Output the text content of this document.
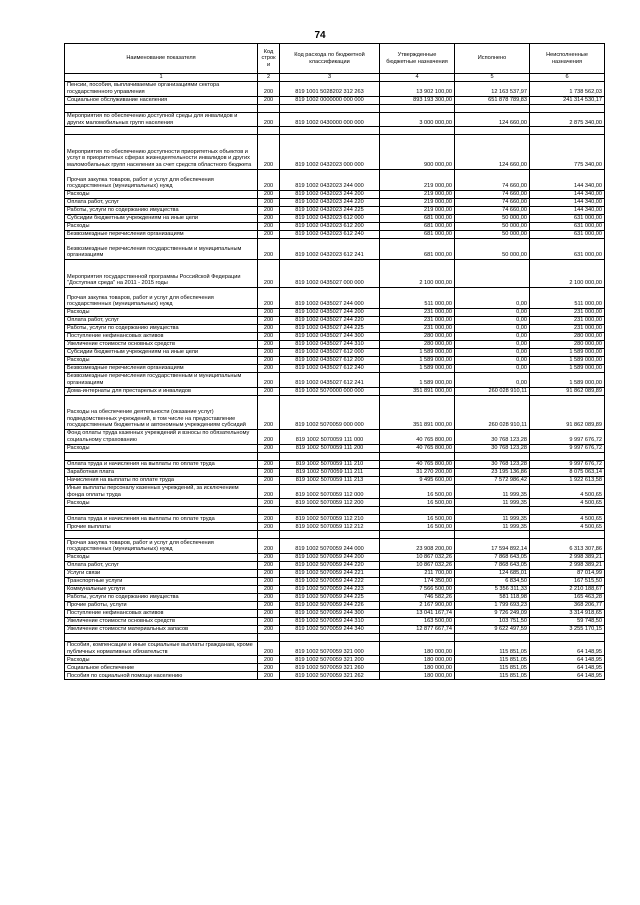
74
Наименование показателя	Код строк и	Код расхода по бюджетной классификации	Утвержденные бюджетные назначения	Исполнено	Неисполненные назначения
1	2	3	4	5	6
Пенсии, пособия, выплачиваемые организациями сектора государственного управления	200	819 1001 5028202 312 263	13 902 100,00	12 163 537,97	1 738 562,03
Социальное обслуживание населения	200	819 1002 0000000 000 000	893 193 300,00	651 878 789,83	241 314 530,17

Мероприятия по обеспечению доступной среды для инвалидов и других маломобильных групп населения	200	819 1002 0430000 000 000	3 000 000,00	124 660,00	2 875 340,00

Мероприятия по обеспечению доступности приоритетных объектов и услуг в приоритетных сферах жизнедеятельности инвалидов и других маломобильных групп населения за счет средств областного бюджета	200	819 1002 0432023 000 000	900 000,00	124 660,00	775 340,00
Прочая закупка товаров, работ и услуг для обеспечения государственных (муниципальных) нужд	200	819 1002 0432023 244 000	219 000,00	74 660,00	144 340,00
Расходы	200	819 1002 0432023 244 200	219 000,00	74 660,00	144 340,00
Оплата работ, услуг	200	819 1002 0432023 244 220	219 000,00	74 660,00	144 340,00
Работы, услуги по содержанию имущества	200	819 1002 0432023 244 225	219 000,00	74 660,00	144 340,00
Субсидии бюджетным учреждениям на иные цели	200	819 1002 0432023 612 000	681 000,00	50 000,00	631 000,00
Расходы	200	819 1002 0432023 612 200	681 000,00	50 000,00	631 000,00
Безвозмездные перечисления организациям	200	819 1002 0432023 612 240	681 000,00	50 000,00	631 000,00
Безвозмездные перечисления государственным и муниципальным организациям	200	819 1002 0432023 612 241	681 000,00	50 000,00	631 000,00
Мероприятия государственной программы Российской Федерации "Доступная среда" на 2011 - 2015 годы	200	819 1002 0435027 000 000	2 100 000,00		2 100 000,00
Прочая закупка товаров, работ и услуг для обеспечения государственных (муниципальных) нужд	200	819 1002 0435027 244 000	511 000,00	0,00	511 000,00
Расходы	200	819 1002 0435027 244 200	231 000,00	0,00	231 000,00
Оплата работ, услуг	200	819 1002 0435027 244 220	231 000,00	0,00	231 000,00
Работы, услуги по содержанию имущества	200	819 1002 0435027 244 225	231 000,00	0,00	231 000,00
Поступление нефинансовых активов	200	819 1002 0435027 244 300	280 000,00	0,00	280 000,00
Увеличение стоимости основных средств	200	819 1002 0435027 244 310	280 000,00	0,00	280 000,00
Субсидии бюджетным учреждениям на иные цели	200	819 1002 0435027 612 000	1 589 000,00	0,00	1 589 000,00
Расходы	200	819 1002 0435027 612 200	1 589 000,00	0,00	1 589 000,00
Безвозмездные перечисления организациям	200	819 1002 0435027 612 240	1 589 000,00	0,00	1 589 000,00
Безвозмездные перечисления государственным и муниципальным организациям	200	819 1002 0435027 612 241	1 589 000,00	0,00	1 589 000,00
Дома-интернаты для престарелых и инвалидов	200	819 1002 5070000 000 000	351 891 000,00	260 028 910,11	91 862 089,89
Расходы на обеспечение деятельности (оказание услуг) подведомственных учреждений, в том числе на предоставление государственным бюджетным и автономным учреждениям субсидий	200	819 1002 5070059 000 000	351 891 000,00	260 028 910,11	91 862 089,89
Фонд оплаты труда казенных учреждений и взносы по обязательному социальному страхованию	200	819 1002 5070059 111 000	40 765 800,00	30 768 123,28	9 997 676,72
Расходы	200	819 1002 5070059 111 200	40 765 800,00	30 768 123,28	9 997 676,72

Оплата труда и начисления на выплаты по оплате труда	200	819 1002 5070059 111 210	40 765 800,00	30 768 123,28	9 997 676,72
Заработная плата	200	819 1002 5070059 111 211	31 270 200,00	23 195 136,86	8 075 063,14
Начисления на выплаты по оплате труда	200	819 1002 5070059 111 213	9 495 600,00	7 572 986,42	1 922 613,58
Иные выплаты персоналу казенных учреждений, за исключением фонда оплаты труда	200	819 1002 5070059 112 000	16 500,00	11 999,35	4 500,65
Расходы	200	819 1002 5070059 112 200	16 500,00	11 999,35	4 500,65

Оплата труда и начисления на выплаты по оплате труда	200	819 1002 5070059 112 210	16 500,00	11 999,35	4 500,65
Прочие выплаты	200	819 1002 5070059 112 212	16 500,00	11 999,35	4 500,65

Прочая закупка товаров, работ и услуг для обеспечения государственных (муниципальных) нужд	200	819 1002 5070059 244 000	23 908 200,00	17 594 892,14	6 313 307,86
Расходы	200	819 1002 5070059 244 200	10 867 032,26	7 868 643,05	2 998 389,21
Оплата работ, услуг	200	819 1002 5070059 244 220	10 867 032,26	7 868 643,05	2 998 389,21
Услуги связи	200	819 1002 5070059 244 221	211 700,00	124 685,01	87 014,99
Транспортные услуги	200	819 1002 5070059 244 222	174 350,00	6 834,50	167 515,50
Коммунальные услуги	200	819 1002 5070059 244 223	7 566 500,00	5 356 311,33	2 210 188,67
Работы, услуги по содержанию имущества	200	819 1002 5070059 244 225	746 582,26	581 118,98	165 463,28
Прочие работы, услуги	200	819 1002 5070059 244 226	2 167 900,00	1 799 693,23	368 206,77
Поступление нефинансовых активов	200	819 1002 5070059 244 300	13 041 167,74	9 726 249,09	3 314 918,65
Увеличение стоимости основных средств	200	819 1002 5070059 244 310	163 500,00	103 751,50	59 748,50
Увеличение стоимости материальных запасов	200	819 1002 5070059 244 340	12 877 667,74	9 622 497,59	3 255 170,15

Пособия, компенсации и иные социальные выплаты гражданам, кроме публичных нормативных обязательств	200	819 1002 5070059 321 000	180 000,00	115 851,05	64 148,95
Расходы	200	819 1002 5070059 321 200	180 000,00	115 851,05	64 148,95
Социальное обеспечение	200	819 1002 5070059 321 260	180 000,00	115 851,05	64 148,95
Пособия по социальной помощи населению	200	819 1002 5070059 321 262	180 000,00	115 851,05	64 148,95
